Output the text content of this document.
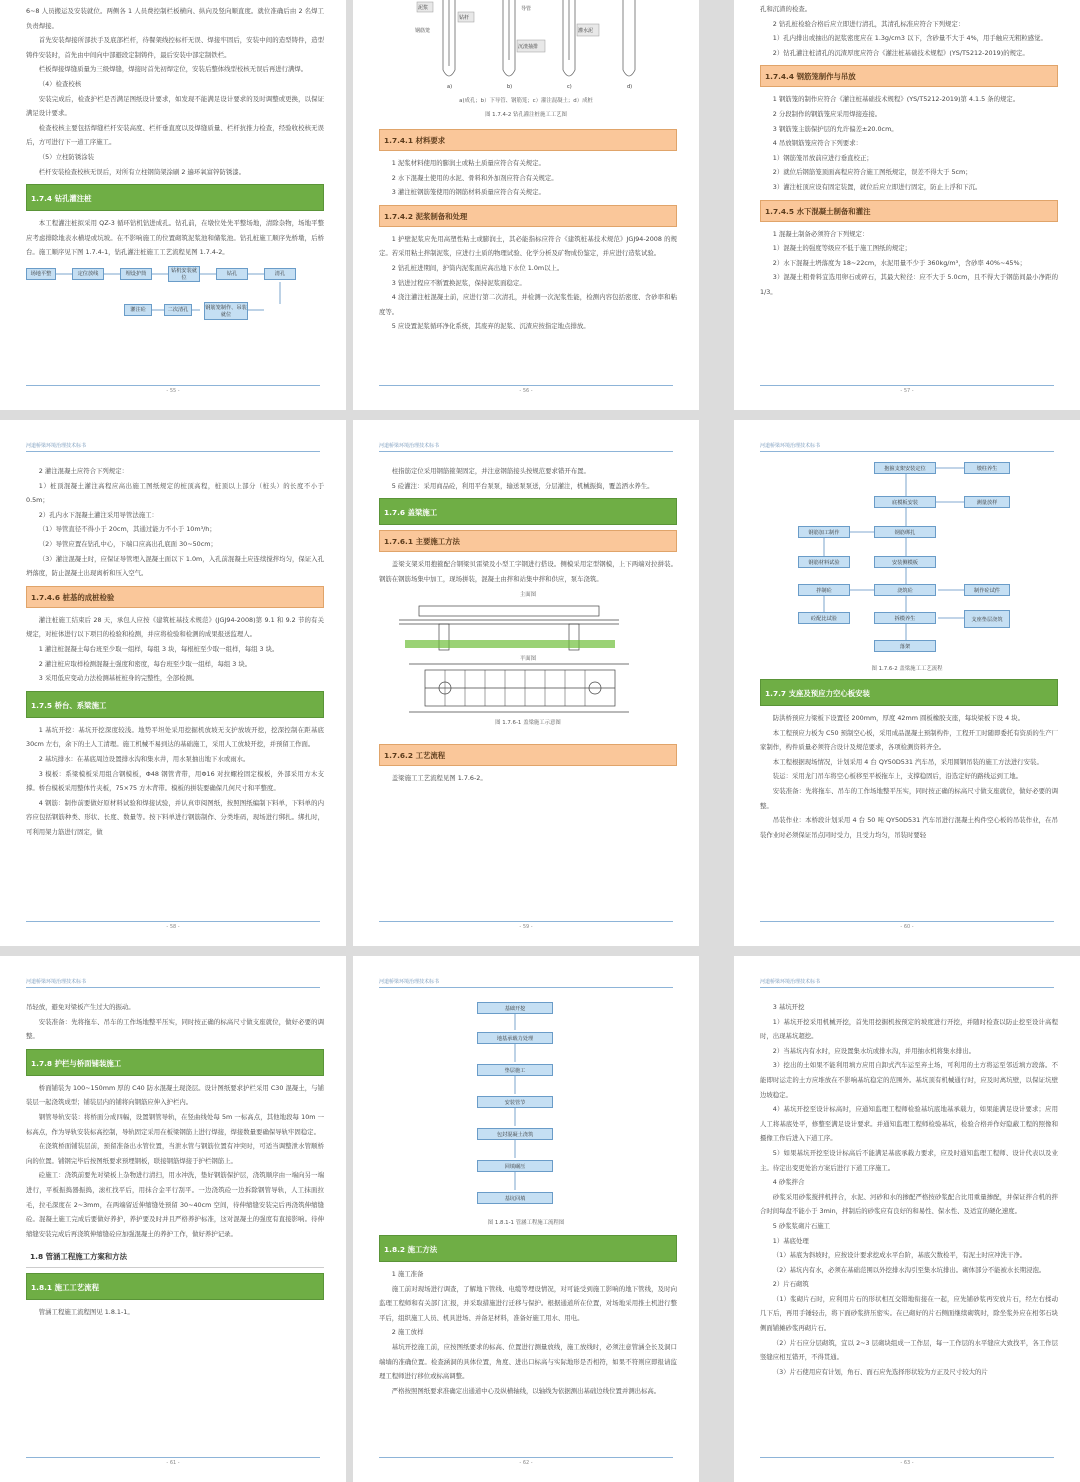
6~8 人员搬运及安装就位。两侧各 1 人员费控制栏板横向、纵向及竖向顺直度。就位准确后由 2 名焊工负责焊接。
首先安装焊接所部扶手及底部栏杆，待餐架线控标杆无误、焊接牢固后，安装中间的造型铸件，造型铸件安装时，首先由中间向中部避段定制铸件，最后安装中部定制铁栏。
栏板焊接焊缝质量为三级焊缝，焊接时首先初焊定位，安装后整体线型校核无误后再进行满焊。
（4）检查校核
安装完成后，检查护栏是否满足图纸设计要求，如发现不能满足设计要求的及时调整或更换，以保证满足设计要求。
检查校核主要包括焊缝栏杆安装高度、栏杆垂直度以及焊缝质量、栏杆抗推力检查，经验收校核无误后，方可进行下一道工序施工。
（5）立柱防锈涂装
栏杆安装检查校核无误后，对所有立柱钢筒架涂刷 2 遍环氧富锌防锈漆。
1.7.4 钻孔灌注桩
本工程灌注桩拟采用 QZ-3 循环钻机钻进成孔。钻孔前，在墩位处先平整场地，清除杂物，场地平整应考虑排除地表水横堤或坑坡。在不影响施工的位置砌筑泥浆池和储浆池。钻孔桩施工顺序先桥墩，后桥台。施工顺序见下图 1.7.4-1，钻孔灌注桩施工工艺流程见图 1.7.4-2。
场地平整	定位放线	埋设护筒
钻机安装就位
钻孔	清孔
灌注砼	二次清孔	钢筋笼制作、吊装就位
- 55 -
泥浆
钻杆
钢筋笼
沉渣抽排
导管
灌水泥
a)	b)	c)	d)
a)成孔；b）下导管、钢筋笼；c）灌注混凝土；d）成桩
图 1.7.4-2 钻孔灌注桩施工工艺图
1.7.4.1 材料要求
1 泥浆材料使用的膨润土或粘土质量应符合有关规定。
2 水下混凝土使用的水泥、骨料和外加剂应符合有关规定。
3 灌注桩钢筋笼使用的钢筋材料质量应符合有关规定。
1.7.4.2 泥浆制备和处理
1 护壁泥浆应先用高塑性粘土或膨润土，其必能指标应符合《建筑桩基技术规范》JGJ94-2008 的规定。若采用粘土拌制泥浆，应进行土质的物理试验、化学分析及矿物成份鉴定，并应进行造浆试验。
2 钻孔桩进期间，护筒内泥浆面应高出地下水位 1.0m以上。
3 钻进过程应不断置换泥浆，保持泥浆面稳定。
4 浇注灌注桩混凝土前，应进行第二次清孔，并检测一次泥浆性能，检测内容包括密度、含砂率和粘度等。
5 应设置泥浆循环净化系统，其废弃的泥浆、沉渣应按指定地点排放。
- 56 -
孔和沉渣的检查。
2 钻孔桩检验合格后应立即进行清孔，其清孔标准应符合下列规定：
1）孔内排出或抽出的泥浆密度应在 1.3g/cm3 以下，含砂量不大于 4%，用手触应无粗粒感觉。
2）钻孔灌注桩清孔的沉渣厚度应符合《灌注桩基础技术规程》(YS/T5212-2019)的规定。
1.7.4.4 钢筋笼制作与吊放
1 钢筋笼的制作应符合《灌注桩基础技术规程》(YS/T5212-2019)第 4.1.5 条的规定。
2 分段制作的钢筋笼应采用焊接连接。
3 钢筋笼主筋保护层的允许偏差±20.0cm。
4 吊放钢筋笼应符合下列要求：
1）钢筋笼吊放前应进行垂直校正；
2）就位后钢筋笼顶面高程应符合施工图纸规定，误差不得大于 5cm；
3）灌注桩顶应设有固定装置，就位后应立即进行固定，防止上浮和下沉。
1.7.4.5 水下混凝土制备和灌注
1 混凝土制备必须符合下列规定：
1）混凝土的强度等级应不低于施工图纸的规定；
2）水下混凝土坍落度为 18~22cm，水泥用量不少于 360kg/m³，含砂率 40%~45%；
3）混凝土粗骨料宜选用卵石或碎石，其最大粒径：应不大于 5.0cm，且不得大于钢筋间最小净距的 1/3。
- 57 -
河道桥梁环境治理技术标书
2 灌注混凝土应符合下列规定：
1）桩顶混凝土灌注高程应高出施工图纸规定的桩顶高程，桩顶以上部分（桩头）的长度不小于 0.5m；
2）孔内水下混凝土灌注采用导管法施工：
（1）导管直径不得小于 20cm，其通过能力不小于 10m³/h；
（2）导管应置在钻孔中心，下端口应高出孔底面 30~50cm；
（3）灌注混凝土时，应保证导管埋入混凝土面以下 1.0m，入孔前混凝土应连续搅拌均匀，保证入孔坍落度，防止混凝土出现离析和压入空气。
1.7.4.6 桩基的成桩检验
灌注桩施工结束后 28 天，承包人应按《建筑桩基技术规范》(JGJ94-2008)第 9.1 和 9.2 节的有关规定，对桩体进行以下项目的检验和检测，并应将检验和检测的成果报送监理人。
1 灌注桩混凝土每台班至少取一组样，每组 3 块，每根桩至少取一组样，每组 3 块。
2 灌注桩应取样检测混凝土强度和密度，每台班至少取一组样，每组 3 块。
3 采用低应变动力法检测基桩桩身的完整性，全部检测。
1.7.5 桥台、系梁施工
1 基坑开挖：基坑开挖深度较浅。地势平坦处采用挖掘机放坡无支护放坡开挖，挖深控制在距基底 30cm 左右，余下的土人工清理。施工机械不易到达的基础施工，采用人工放坡开挖，并预留工作面。
2 基坑排水：在基底周边设置排水沟和集水井，用水泵抽出地下水或雨水。
3 模板：系梁模板采用组合钢模板，Φ48 钢管背带，用Φ16 对拉螺栓固定模板，外部采用方木支撑。桥台模板采用整体竹夹板，75×75 方木背带。模板的拼装要确保几何尺寸和平整度。
4 钢筋：制作前要做好原材料试验和焊接试验，并认真审阅图纸，按照图纸编制下料单，下料单的内容应包括钢筋种类、形状、长度、数量等。按下料单进行钢筋制作、分类堆码，现场进行绑扎。绑扎时，可利用架力筋进行固定，做
- 58 -
河道桥梁环境治理技术标书
柱指筋定位采用钢筋箍架固定，并注意钢筋接头按规范要求错开布置。
5 砼灌注：采用商品砼，利用平台泵泵，输送泵泵送，分层灌注，机械振捣，覆盖洒水养生。
1.7.6 盖梁施工
1.7.6.1 主要施工方法
盖梁支架采用抱箍配合钢梁贝雷梁及小型工字钢进行搭设。侧模采用定型钢模，上下两端对拉拼装。钢筋在钢筋场集中加工，现场拼装，混凝土由拌和站集中拌和供应，泵车浇筑。
主面图
平面图
图 1.7.6-1 盖梁施工示意图
1.7.6.2 工艺流程
盖梁施工工艺流程见图 1.7.6-2。
- 59 -
河道桥梁环境治理技术标书
抱箍支架安装定位	墩柱养生
底模板安装	测量放样
钢筋加工制作	钢筋绑扎
钢筋材料试验	安装侧模板
拌制砼	浇筑砼	制作砼试件
砼配比试验	拆模养生	支座垫层浇筑
落架
图 1.7.6-2 盖梁施工工艺流程
1.7.7 支座及预应力空心板安装
防洪桥预应力梁板下设置径 200mm，厚度 42mm 圆板橡胶支座，每块梁板下设 4 块。
本工程预应力板为 C50 预制空心板，采用成品混凝土预制构件，工程开工时随即委托有资质的生产厂家制作，构件质量必须符合设计及规范要求，各项检测资料齐全。
本工程根据现场情况，计划采用 4 台 QY50D531 汽车吊，采用圆钢吊装的施工方法进行安装。
装运：采用龙门吊车将空心板移至平板拖车上，支撑稳固后，沿选定好的路线运到工地。
安装准备：先将拖车、吊车的工作场地整平压实，同时按正确的标高尺寸做支座就位，做好必要的调整。
吊装作业：本桥段计划采用 4 台 50 吨 QY50D531 汽车吊进行混凝土构件空心板的吊装作业，在吊装作业时必须保证吊点同时受力，且受力均匀，吊装时要轻
- 60 -
河道桥梁环境治理技术标书
吊轻放，避免对梁板产生过大的振动。
安装准备：先将拖车、吊车的工作场地整平压实，同时按正确的标高尺寸做支座就位，做好必要的调整。
1.7.8 护栏与桥面铺装施工
桥面铺装为 100~150mm 厚的 C40 防水混凝土现浇层。设计图纸要求护栏采用 C30 混凝土，与铺装层一起浇筑成型；铺装层内的铺将向钢筋应伸入护栏内。
钢管导轨安装：将桥面分成四幅，设置钢管导轨，在竖曲线处每 5m 一标高点，其他地段每 10m 一标高点，作为导轨安装标高控制，导轨固定采用在板梁钢筋上进行焊接，焊接数量要确保导轨牢固稳定。
在浇筑桥面铺装层前，预留准备出水管位置，当泄水管与钢筋位置有冲突时，可适当调整泄水管顺桥向的位置。铺钢完毕后按图纸要求预埋钢板，联接钢筋焊接于护栏钢筋上。
砼施工：浇筑前要先对梁板上杂物进行清扫，用水冲洗，垫好钢筋保护层，浇筑顺序由一端向另一端进行，平板振捣器振捣，滚杠找平后，用抹合金平行刮平。一边浇筑砼一边拆除钢管导轨，人工抹面拉毛，拉毛深度在 2~3mm，在两端留近伸缩缝处预留 30~40cm 空间，待伸缩缝安装完后再浇筑伸缩缝砼。混凝土施工完成后要做好养护，养护要及时并且严格养护标准，这对混凝土的强度有直接影响。待伸缩缝安装完成后再浇筑伸缩缝砼应加强混凝土的养护工作，做好养护记录。
1.8 管涵工程施工方案和方法
1.8.1 施工工艺流程
管涵工程施工流程图见 1.8.1-1。
- 61 -
河道桥梁环境治理技术标书
基础开挖
地基承载力处理
垫层施工
安装管节
包封混凝土浇筑
回填碾压
基坑回填
图 1.8.1-1 管涵工程施工流程图
1.8.2 施工方法
1 施工准备
施工前对现场进行调查，了解地下管线、电缆等埋设情况，对可能受到施工影响的地下管线，及时向监理工程师和有关部门汇报，并采取措施进行迁移与保护。根据通道所在位置，对场地采用推土机进行整平后，组织施工人员、机具进场、并备足材料，准备好施工用水、用电。
2 施工放样
基坑开挖施工前，应按图纸要求的标高、位置进行测量放线，施工放线时，必须注意管涵全长及洞口端墙的准确位置。检查涵洞的具体位置，角度、进出口标高与实际地形是否相符，如果不符则应即报请监理工程师进行移位或标高调整。
严格按照图纸要求准确定出通道中心及纵横轴线，以轴线为依据测出基础边线位置并测出标高。
- 62 -
河道桥梁环境治理技术标书
3 基坑开挖
1）基坑开挖采用机械开挖，首先用挖掘机按预定的坡度进行开挖，并随时检查以防止挖至设计高程时，出现基坑超挖。
2）当基坑内有水时，应设置集水坑或排水沟，并用抽水机将集水排出。
3）挖出的土如果不能利用填方应用自卸式汽车运至弃土场，可利用的土方将运至邻近填方段落。不能即时运走的土方应堆放在不影响基坑稳定的范围外。基坑顶有机械通行时，应及时离坑壁，以保证坑壁边坡稳定。
4）基坑开挖至设计标高时，应通知监理工程师检验基坑底地基承载力，如果能满足设计要求；应用人工将基底处平，修整至满足设计要求。并通知监理工程师检验基坑，检验合格并作好隐蔽工程的照像和摄像工作后进入下道工序。
5）如果基坑开挖至设计标高后不能满足基底承载力要求，应及时通知监理工程师、设计代表以及业主。待定出变更处治方案后进行下道工序施工。
4 砂浆拌合
砂浆采用砂浆搅拌机拌合，水泥、河砂和水的掺配严格按砂浆配合比用重量掺配，并保证拌合机的拌合时间每盘不能小于 3min，拌制后的砂浆应有良好的和易性、保水性、及适宜的硬化速度。
5 砂浆浆砌片石施工
1）基底处理
（1）基底为斜坡时，应按设计要求挖成水平台阶，基底欠数检平，有泥土时应冲洗干净。
（2）基坑内有水，必须在基础范围以外挖排水沟引至集水坑排出。砌体部分不能被水长期浸泡。
2）片石砌筑
（1）浆砌片石时，应利用片石的形状相互交错地衔接在一起，应先铺砂浆再安放片石，经左右揉动几下后，再用手锤轻击，将下面砂浆挤压密实。在已砌好的片石侧面继续砌筑时，除坐浆外应在相邻石块侧面铺摊砂浆再砌片石。
（2）片石应分层砌筑，宜以 2~3 层砌块组成一工作层，每一工作层的水平缝应大致找平，各工作层竖缝应相互错开，不得贯通。
（3）片石使用应有计划，角石、面石应先选择形状较为方正及尺寸较大的片
- 63 -
